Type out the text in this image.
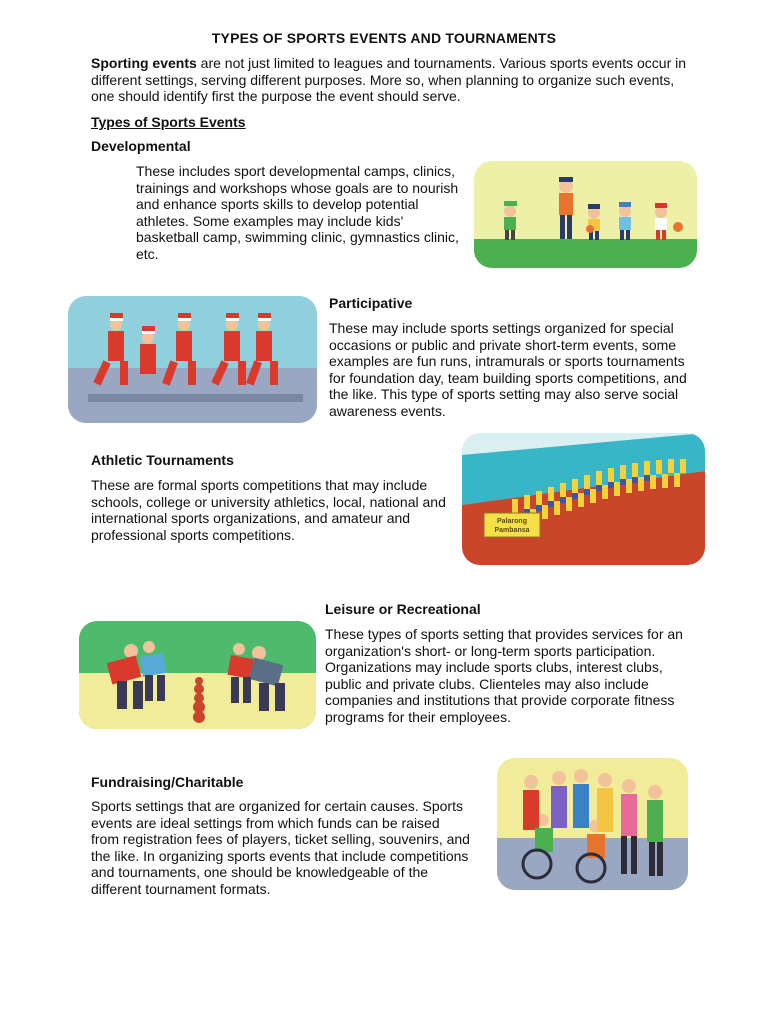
TYPES OF SPORTS EVENTS AND TOURNAMENTS

Sporting events are not just limited to leagues and tournaments. Various sports events occur in different settings, serving different purposes. More so, when planning to organize such events, one should identify first the purpose the event should serve.

Types of Sports Events
Developmental

These includes sport developmental camps, clinics, trainings and workshops whose goals are to nourish and enhance sports skills to develop potential athletes. Some examples may include kids' basketball camp, swimming clinic, gymnastics clinic, etc.

Participative

These may include sports settings organized for special occasions or public and private short-term events, some examples are fun runs, intramurals or sports tournaments for foundation day, team building sports competitions, and the like. This type of sports setting may also serve social awareness events.

Athletic Tournaments

These are formal sports competitions that may include schools, college or university athletics, local, national and international sports organizations, and amateur and professional sports competitions.

Palarong
Pambansa
Leisure or Recreational

These types of sports setting that provides services for an organization's short- or long-term sports participation. Organizations may include sports clubs, interest clubs, public and private clubs. Clienteles may also include companies and institutions that provide corporate fitness programs for their employees.

Fundraising/Charitable

Sports settings that are organized for certain causes. Sports events are ideal settings from which funds can be raised from registration fees of players, ticket selling, souvenirs, and the like. In organizing sports events that include competitions and tournaments, one should be knowledgeable of the different tournament formats.
